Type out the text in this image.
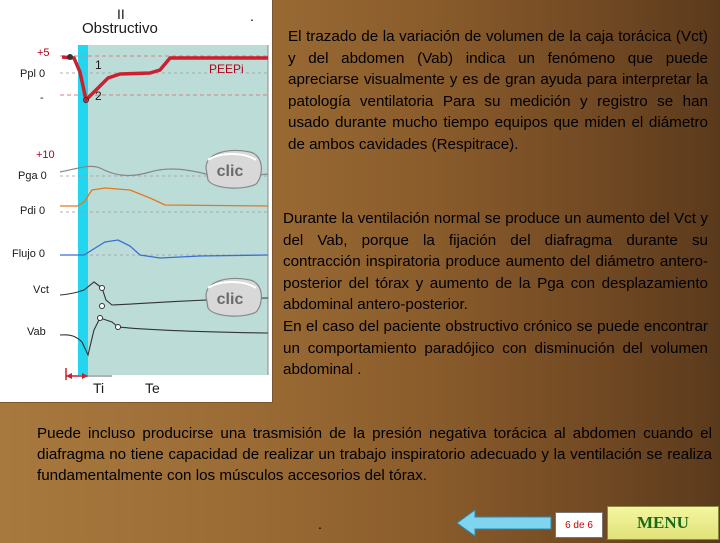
II
Obstructivo
.
+5
Ppl 0
-
1
2
PEEPi
+10
Pga 0
Pdi 0
Flujo 0
Vct
Vab
Ti	Te
clic
clic
El trazado de la variación de volumen de la caja torácica (Vct) y del abdomen (Vab) indica un fenómeno que puede apreciarse visualmente y es de gran ayuda para interpretar la patología ventilatoria Para su medición y registro se han usado durante mucho tiempo equipos que miden el diámetro de ambos cavidades (Respitrace).
Durante la ventilación normal se produce un aumento del Vct y del Vab, porque la fijación del diafragma durante su contracción inspiratoria produce aumento del diámetro antero-posterior del tórax y aumento de la Pga con desplazamiento abdominal antero-posterior.
En el caso del paciente obstructivo crónico se puede encontrar un comportamiento paradójico con disminución del volumen abdominal .
Puede incluso producirse una trasmisión de la presión negativa torácica al abdomen cuando el diafragma no tiene capacidad de realizar un trabajo inspiratorio adecuado y la ventilación se realiza fundamentalmente con los músculos accesorios del tórax.
.	6 de 6	MENU
